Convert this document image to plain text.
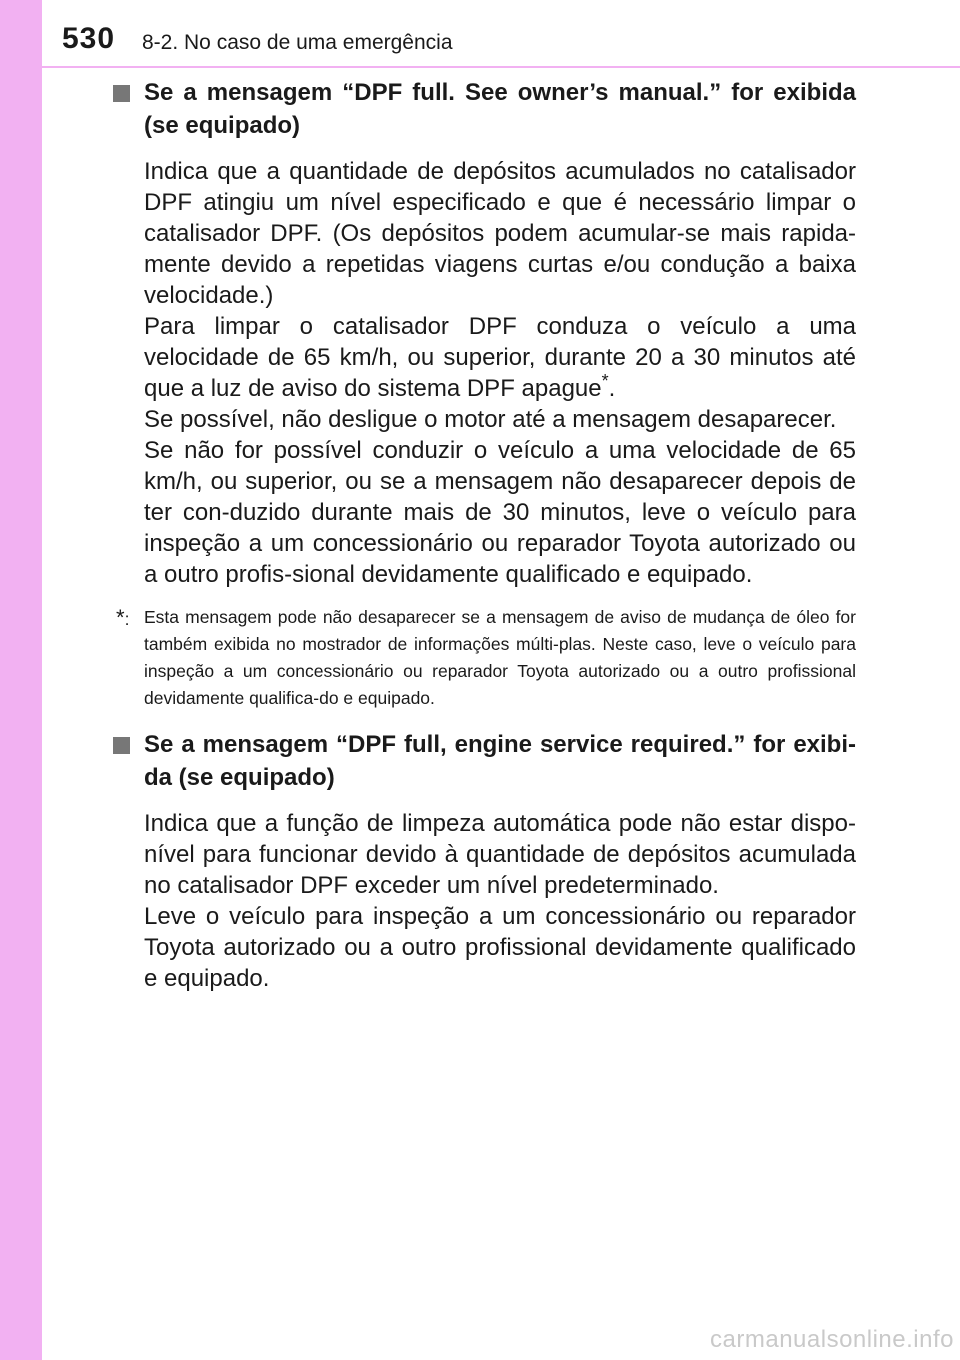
530 8-2. No caso de uma emergência
Se a mensagem “DPF full. See owner’s manual.” for exibida (se equipado)

Indica que a quantidade de depósitos acumulados no catalisador DPF atingiu um nível especificado e que é necessário limpar o catalisador DPF. (Os depósitos podem acumular-se mais rapida-mente devido a repetidas viagens curtas e/ou condução a baixa velocidade.)

Para limpar o catalisador DPF conduza o veículo a uma velocidade de 65 km/h, ou superior, durante 20 a 30 minutos até que a luz de aviso do sistema DPF apague*.

Se possível, não desligue o motor até a mensagem desaparecer.

Se não for possível conduzir o veículo a uma velocidade de 65 km/h, ou superior, ou se a mensagem não desaparecer depois de ter con-duzido durante mais de 30 minutos, leve o veículo para inspeção a um concessionário ou reparador Toyota autorizado ou a outro profis-sional devidamente qualificado e equipado.

*: Esta mensagem pode não desaparecer se a mensagem de aviso de mudança de óleo for também exibida no mostrador de informações múlti-plas. Neste caso, leve o veículo para inspeção a um concessionário ou reparador Toyota autorizado ou a outro profissional devidamente qualifica-do e equipado.
Se a mensagem “DPF full, engine service required.” for exibi-da (se equipado)

Indica que a função de limpeza automática pode não estar dispo-nível para funcionar devido à quantidade de depósitos acumulada no catalisador DPF exceder um nível predeterminado.

Leve o veículo para inspeção a um concessionário ou reparador Toyota autorizado ou a outro profissional devidamente qualificado e equipado.

carmanualsonline.info
